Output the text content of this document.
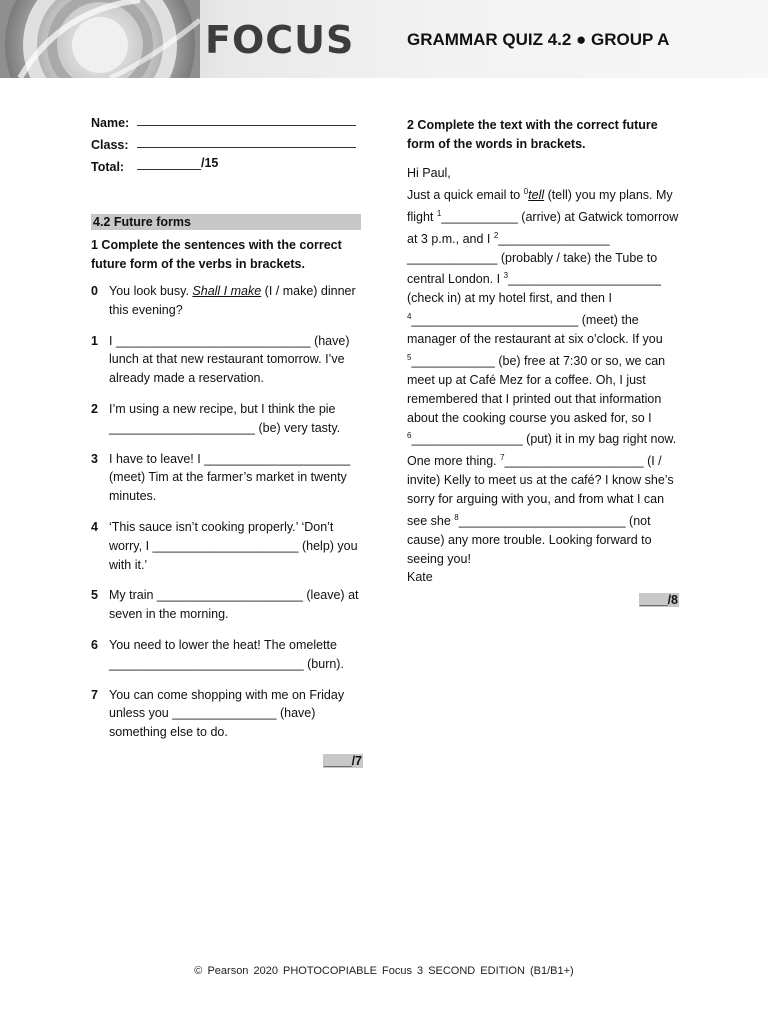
FOCUS	GRAMMAR QUIZ 4.2 ● GROUP A
Name:
Class:
Total:	/15
4.2 Future forms
1 Complete the sentences with the correct future form of the verbs in brackets.
0 You look busy. Shall I make (I / make) dinner this evening?
1 I ____________________________ (have) lunch at that new restaurant tomorrow. I’ve already made a reservation.
2 I’m using a new recipe, but I think the pie _____________________ (be) very tasty.
3 I have to leave! I _____________________ (meet) Tim at the farmer’s market in twenty minutes.
4 ‘This sauce isn’t cooking properly.’ ‘Don’t worry, I _____________________ (help) you with it.’
5 My train _____________________ (leave) at seven in the morning.
6 You need to lower the heat! The omelette ____________________________ (burn).
7 You can come shopping with me on Friday unless you _______________ (have) something else to do.
____/7
2 Complete the text with the correct future form of the words in brackets.

Hi Paul,

Just a quick email to $^0$tell (tell) you my plans. My flight $^1$___________ (arrive) at Gatwick tomorrow at 3 p.m., and I $^2$________________ _____________ (probably / take) the Tube to central London. I $^3$______________________ (check in) at my hotel first, and then I $^4$________________________ (meet) the manager of the restaurant at six o’clock. If you $^5$____________ (be) free at 7:30 or so, we can meet up at Café Mez for a coffee. Oh, I just remembered that I printed out that information about the cooking course you asked for, so I $^6$________________ (put) it in my bag right now. One more thing. $^7$____________________ (I / invite) Kelly to meet us at the café? I know she’s sorry for arguing with you, and from what I can see she $^8$________________________ (not cause) any more trouble. Looking forward to seeing you!

Kate

____/8
© Pearson 2020 PHOTOCOPIABLE Focus 3 SECOND EDITION (B1/B1+)
